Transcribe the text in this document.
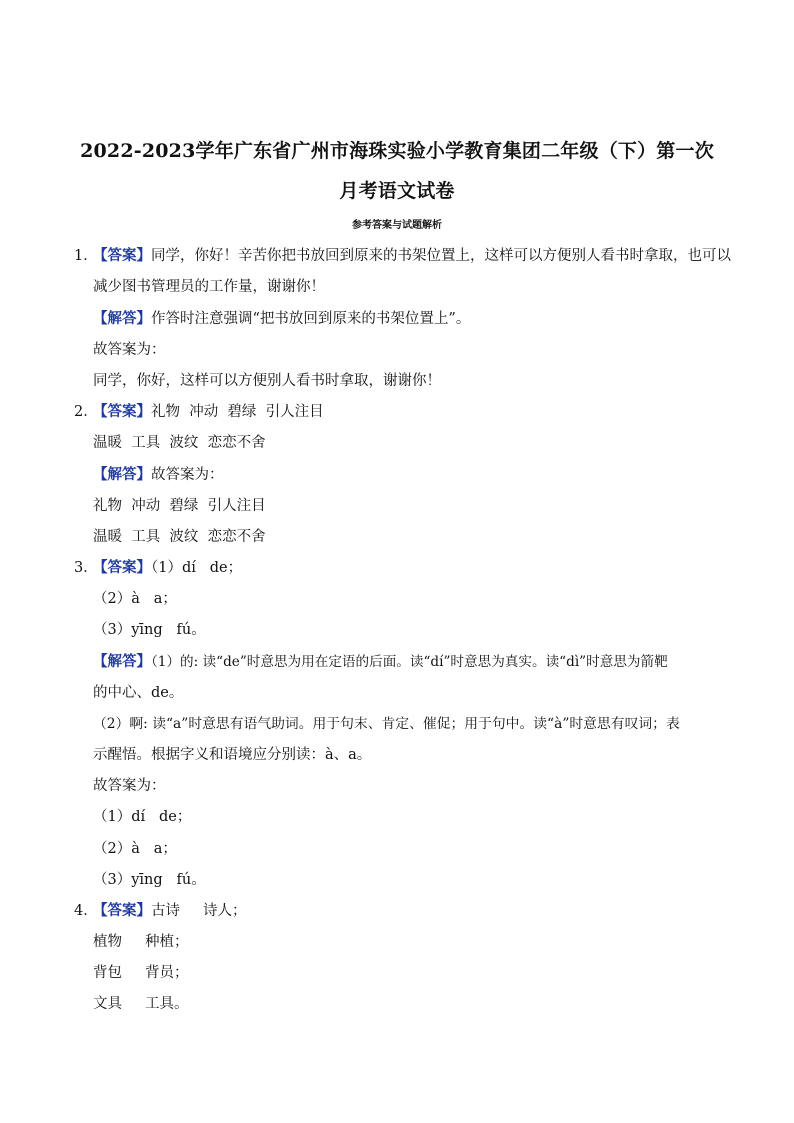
2022-2023学年广东省广州市海珠实验小学教育集团二年级（下）第一次
月考语文试卷
参考答案与试题解析
1．
【答案】同学，你好！辛苦你把书放回到原来的书架位置上，这样可以方便别人看书时拿取，也可以
减少图书管理员的工作量，谢谢你！
【解答】作答时注意强调“把书放回到原来的书架位置上”。
故答案为：
同学，你好，这样可以方便别人看书时拿取，谢谢你！
2．
【答案】礼物  冲动  碧绿  引人注目
温暖  工具  波纹  恋恋不舍
【解答】故答案为：
礼物  冲动  碧绿  引人注目
温暖  工具  波纹  恋恋不舍
3．
【答案】（1）dí   de；
（2）à   a；
（3）yīng   fú。
【解答】（1）的: 读“de”时意思为用在定语的后面。读“dí”时意思为真实。读“dì”时意思为箭靶
的中心、de。
（2）啊: 读“a”时意思有语气助词。用于句末、肯定、催促；用于句中。读“à”时意思有叹词；表
示醒悟。根据字义和语境应分别读：à、a。
故答案为：
（1）dí   de；
（2）à   a；
（3）yīng   fú。
4．
【答案】古诗     诗人；
植物     种植；
背包     背员；
文具     工具。
